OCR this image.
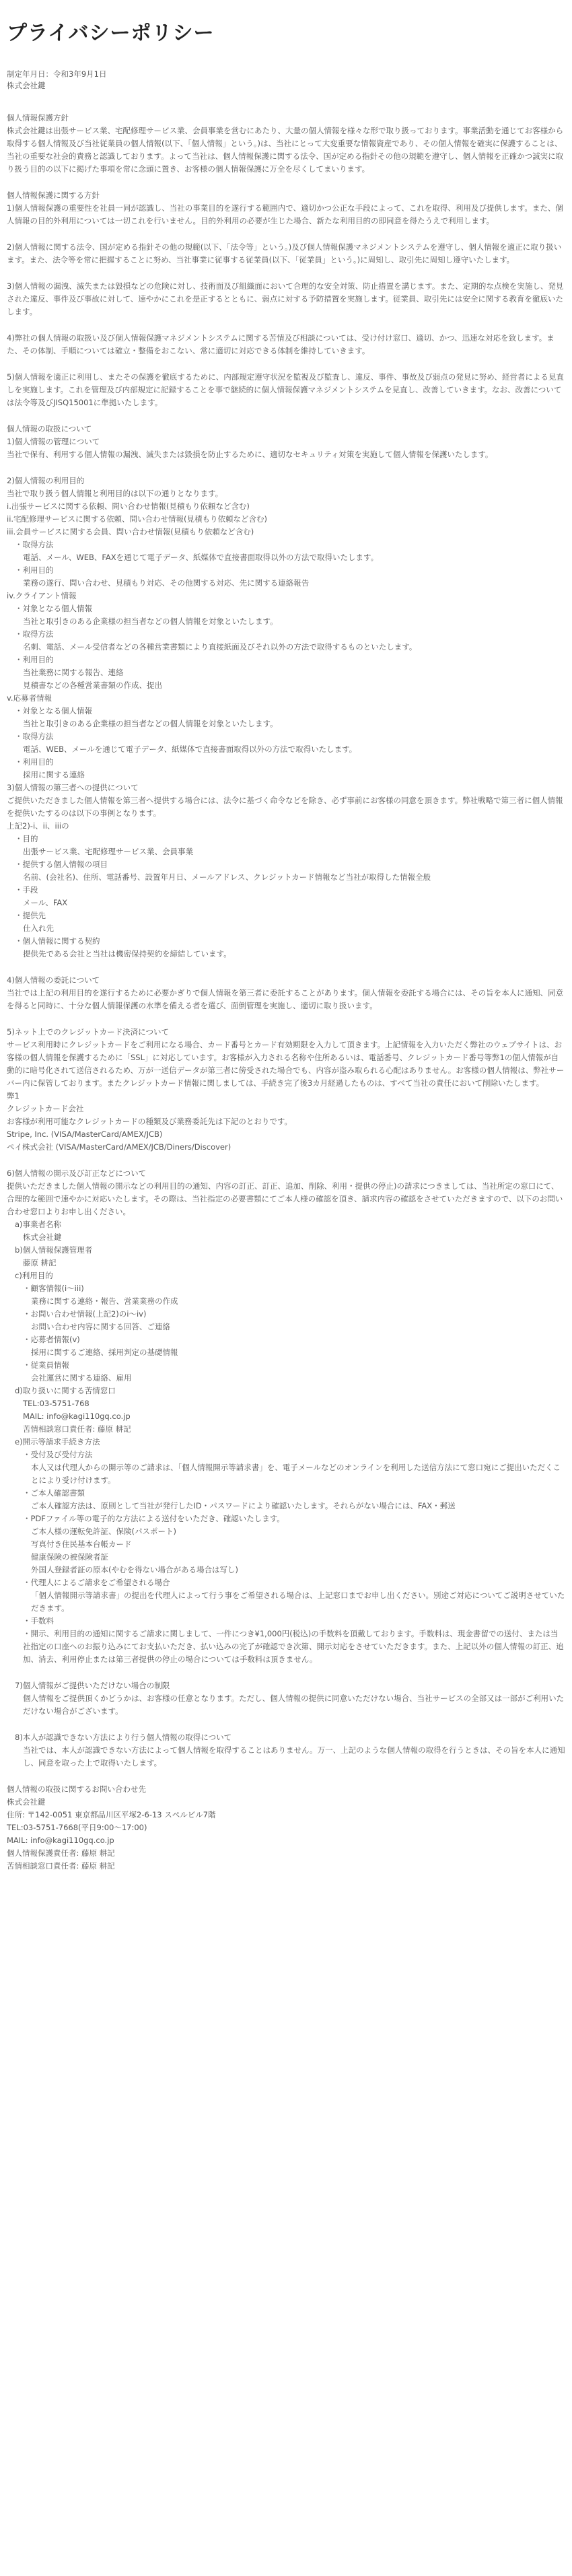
プライバシーポリシー

制定年月日：令和3年9月1日

株式会社鍵

個人情報保護方針
株式会社鍵は出張サービス業、宅配修理サービス業、会員事業を営むにあたり、大量の個人情報を様々な形で取り扱っております。事業活動を通じてお客様から取得する個人情報及び当社従業員の個人情報(以下、「個人情報」という。)は、当社にとって大変重要な情報資産であり、その個人情報を確実に保護することは、当社の重要な社会的責務と認識しております。よって当社は、個人情報保護に関する法令、国が定める指針その他の規範を遵守し、個人情報を正確かつ誠実に取り扱う目的の以下に掲げた事項を常に念頭に置き、お客様の個人情報保護に万全を尽くしてまいります。
個人情報保護に関する方針
1)個人情報保護の重要性を社員一同が認識し、当社の事業目的を遂行する範囲内で、適切かつ公正な手段によって、これを取得、利用及び提供します。また、個人情報の目的外利用については一切これを行いません。目的外利用の必要が生じた場合、新たな利用目的の即同意を得たうえで利用します。
2)個人情報に関する法令、国が定める指針その他の規範(以下、「法令等」という。)及び個人情報保護マネジメントシステムを遵守し、個人情報を適正に取り扱います。また、法令等を常に把握することに努め、当社事業に従事する従業員(以下、「従業員」という。)に周知し、取引先に周知し遵守いたします。
3)個人情報の漏洩、滅失または毀損などの危険に対し、技術面及び組織面において合理的な安全対策、防止措置を講じます。また、定期的な点検を実施し、発見された違反、事件及び事故に対して、速やかにこれを是正するとともに、弱点に対する予防措置を実施します。従業員、取引先には安全に関する教育を徹底いたします。
4)弊社の個人情報の取扱い及び個人情報保護マネジメントシステムに関する苦情及び相談については、受け付け窓口、適切、かつ、迅速な対応を致します。また、その体制、手順については確立・整備をおこない、常に適切に対応できる体制を維持していきます。
5)個人情報を適正に利用し、またその保護を徹底するために、内部規定遵守状況を監視及び監査し、違反、事件、事故及び弱点の発見に努め、経営者による見直しを実施します。これを管理及び内部規定に記録することを事で継続的に個人情報保護マネジメントシステムを見直し、改善していきます。なお、改善については法令等及びJISQ15001に準拠いたします。
個人情報の取扱について
1)個人情報の管理について
当社で保有、利用する個人情報の漏洩、滅失または毀損を防止するために、適切なセキュリティ対策を実施して個人情報を保護いたします。
2)個人情報の利用目的
当社で取り扱う個人情報と利用目的は以下の通りとなります。
i.出張サービスに関する依頼、問い合わせ情報(見積もり依頼など含む)
ii.宅配修理サービスに関する依頼、問い合わせ情報(見積もり依頼など含む)
iii.会員サービスに関する会員、問い合わせ情報(見積もり依頼など含む)
・取得方法
電話、メール、WEB、FAXを通じて電子データ、紙媒体で直接書面取得以外の方法で取得いたします。
・利用目的
業務の遂行、問い合わせ、見積もり対応、その他関する対応、先に関する連絡報告
iv.クライアント情報
・対象となる個人情報
当社と取引きのある企業様の担当者などの個人情報を対象といたします。
・取得方法
名刺、電話、メール受信者などの各種営業書類により直接紙面及びそれ以外の方法で取得するものといたします。
・利用目的
当社業務に関する報告、連絡
見積書などの各種営業書類の作成、提出
v.応募者情報
・対象となる個人情報
当社と取引きのある企業様の担当者などの個人情報を対象といたします。
・取得方法
電話、WEB、メールを通じて電子データ、紙媒体で直接書面取得以外の方法で取得いたします。
・利用目的
採用に関する連絡
3)個人情報の第三者への提供について
ご提供いただきました個人情報を第三者へ提供する場合には、法令に基づく命令などを除き、必ず事前にお客様の同意を頂きます。弊社戦略で第三者に個人情報を提供いたするのは以下の事例となります。
上記2)-i、ii、iiiの
・目的
出張サービス業、宅配修理サービス業、会員事業
・提供する個人情報の項目
名前、(会社名)、住所、電話番号、設置年月日、メールアドレス、クレジットカード情報など当社が取得した情報全般
・手段
メール、FAX
・提供先
仕入れ先
・個人情報に関する契約
提供先である会社と当社は機密保持契約を締結しています。
4)個人情報の委託について
当社では上記の利用目的を遂行するために必要かぎりで個人情報を第三者に委託することがあります。個人情報を委託する場合には、その旨を本人に通知、同意を得ると同時に、十分な個人情報保護の水準を備える者を選び、面倒管理を実施し、適切に取り扱います。
5)ネット上でのクレジットカード決済について
サービス利用時にクレジットカードをご利用になる場合、カード番号とカード有効期限を入力して頂きます。上記情報を入力いただく弊社のウェブサイトは、お客様の個人情報を保護するために「SSL」に対応しています。お客様が入力される名称や住所あるいは、電話番号、クレジットカード番号等弊1の個人情報が自動的に暗号化されて送信されるため、万が一送信データが第三者に傍受された場合でも、内容が盗み取られる心配はありません。お客様の個人情報は、弊社サーバー内に保管しております。またクレジットカード情報に関しましては、手続き完了後3カ月経過したものは、すべて当社の責任において削除いたします。
弊1
クレジットカード会社
お客様が利用可能なクレジットカードの種類及び業務委託先は下記のとおりです。
Stripe, Inc. (VISA/MasterCard/AMEX/JCB)
ペイ株式会社 (VISA/MasterCard/AMEX/JCB/Diners/Discover)
6)個人情報の開示及び訂正などについて
提供いただきました個人情報の開示などの利用目的の通知、内容の訂正、訂正、追加、削除、利用・提供の停止)の請求につきましては、当社所定の窓口にて、合理的な範囲で速やかに対応いたします。その際は、当社指定の必要書類にてご本人様の確認を頂き、請求内容の確認をさせていただきますので、以下のお問い合わせ窓口よりお申し出ください。
a)事業者名称
株式会社鍵
b)個人情報保護管理者
藤原 耕記
c)利用目的
・顧客情報(i〜iii)
業務に関する連絡・報告、営業業務の作成
・お問い合わせ情報(上記2)のi〜iv)
お問い合わせ内容に関する回答、ご連絡
・応募者情報(v)
採用に関するご連絡、採用判定の基礎情報
・従業員情報
会社運営に関する連絡、雇用
d)取り扱いに関する苦情窓口
TEL:03-5751-768
MAIL: info@kagi110gq.co.jp
苦情相談窓口責任者: 藤原 耕記
e)開示等請求手続き方法
・受付及び受付方法
本人又は代理人からの開示等のご請求は、「個人情報開示等請求書」を、電子メールなどのオンラインを利用した送信方法にて窓口宛にご提出いただくことにより受け付けます。
・ご本人確認書類
ご本人確認方法は、原則として当社が発行したID・パスワードにより確認いたします。それらがない場合には、FAX・郵送
・PDFファイル等の電子的な方法による送付をいただき、確認いたします。
ご本人様の運転免許証、保険(パスポート)
写真付き住民基本台帳カード
健康保険の被保険者証
外国人登録者証の原本(やむを得ない場合がある場合は写し)
・代理人によるご請求をご希望される場合
「個人情報開示等請求書」の提出を代理人によって行う事をご希望される場合は、上記窓口までお申し出ください。別途ご対応についてご説明させていただきます。
・手数料
・開示、利用目的の通知に関するご請求に関しまして、一件につき¥1,000円(税込)の手数料を頂戴しております。手数料は、現金書留での送付、または当社指定の口座へのお振り込みにてお支払いただき、払い込みの完了が確認でき次第、開示対応をさせていただきます。また、上記以外の個人情報の訂正、追加、消去、利用停止または第三者提供の停止の場合については手数料は頂きません。
7)個人情報がご提供いただけない場合の制限
個人情報をご提供頂くかどうかは、お客様の任意となります。ただし、個人情報の提供に同意いただけない場合、当社サービスの全部又は一部がご利用いただけない場合がございます。
8)本人が認識できない方法により行う個人情報の取得について
当社では、本人が認識できない方法によって個人情報を取得することはありません。万一、上記のような個人情報の取得を行うときは、その旨を本人に通知し、同意を取った上で取得いたします。
個人情報の取扱に関するお問い合わせ先
株式会社鍵
住所: 〒142-0051 東京都品川区平塚2-6-13 スペルビル7階
TEL:03-5751-7668(平日9:00〜17:00)
MAIL: info@kagi110gq.co.jp
個人情報保護責任者: 藤原 耕記
苦情相談窓口責任者: 藤原 耕記
